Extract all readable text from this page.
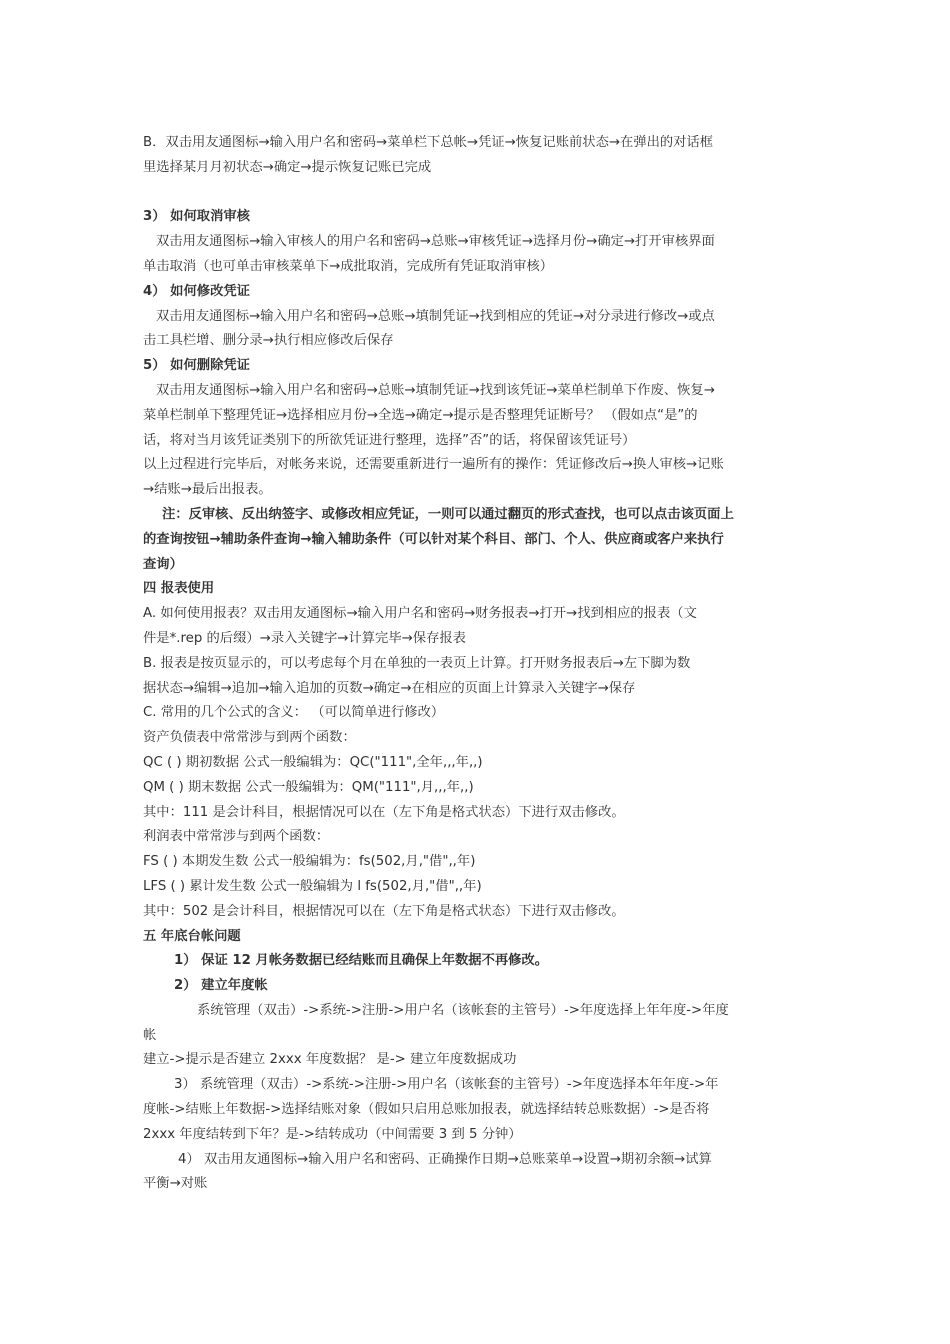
B．双击用友通图标→输入用户名和密码→菜单栏下总帐→凭证→恢复记账前状态→在弹出的对话框

里选择某月月初状态→确定→提示恢复记账已完成

3） 如何取消审核

双击用友通图标→输入审核人的用户名和密码→总账→审核凭证→选择月份→确定→打开审核界面

单击取消（也可单击审核菜单下→成批取消，完成所有凭证取消审核）

4） 如何修改凭证

双击用友通图标→输入用户名和密码→总账→填制凭证→找到相应的凭证→对分录进行修改→或点

击工具栏增、删分录→执行相应修改后保存

5） 如何删除凭证

双击用友通图标→输入用户名和密码→总账→填制凭证→找到该凭证→菜单栏制单下作废、恢复→

菜单栏制单下整理凭证→选择相应月份→全选→确定→提示是否整理凭证断号？ （假如点“是”的

话，将对当月该凭证类别下的所欲凭证进行整理，选择”否”的话，将保留该凭证号）

以上过程进行完毕后，对帐务来说，还需要重新进行一遍所有的操作：凭证修改后→换人审核→记账

→结账→最后出报表。

注：反审核、反出纳签字、或修改相应凭证，一则可以通过翻页的形式查找，也可以点击该页面上

的查询按钮→辅助条件查询→输入辅助条件（可以针对某个科目、部门、个人、供应商或客户来执行

查询）

四 报表使用

A. 如何使用报表？双击用友通图标→输入用户名和密码→财务报表→打开→找到相应的报表（文

件是*.rep 的后缀）→录入关键字→计算完毕→保存报表

B. 报表是按页显示的，可以考虑每个月在单独的一表页上计算。打开财务报表后→左下脚为数

据状态→编辑→追加→输入追加的页数→确定→在相应的页面上计算录入关键字→保存

C. 常用的几个公式的含义： （可以简单进行修改）

资产负债表中常常涉与到两个函数：

QC ( ) 期初数据 公式一般编辑为：QC("111",全年,,,年,,)

QM ( ) 期末数据 公式一般编辑为：QM("111",月,,,年,,)

其中：111 是会计科目，根据情况可以在（左下角是格式状态）下进行双击修改。

利润表中常常涉与到两个函数：

FS ( ) 本期发生数 公式一般编辑为：fs(502,月,"借",,年)

LFS ( ) 累计发生数 公式一般编辑为 l fs(502,月,"借",,年)

其中：502 是会计科目，根据情况可以在（左下角是格式状态）下进行双击修改。

五 年底台帐问题

1） 保证 12 月帐务数据已经结账而且确保上年数据不再修改。

2） 建立年度帐

系统管理（双击）->系统->注册->用户名（该帐套的主管号）->年度选择上年年度->年度

帐

建立->提示是否建立 2xxx 年度数据？ 是-> 建立年度数据成功

3） 系统管理（双击）->系统->注册->用户名（该帐套的主管号）->年度选择本年年度->年

度帐->结账上年数据->选择结账对象（假如只启用总账加报表，就选择结转总账数据）->是否将

2xxx 年度结转到下年？是->结转成功（中间需要 3 到 5 分钟）

4） 双击用友通图标→输入用户名和密码、正确操作日期→总账菜单→设置→期初余额→试算

平衡→对账
